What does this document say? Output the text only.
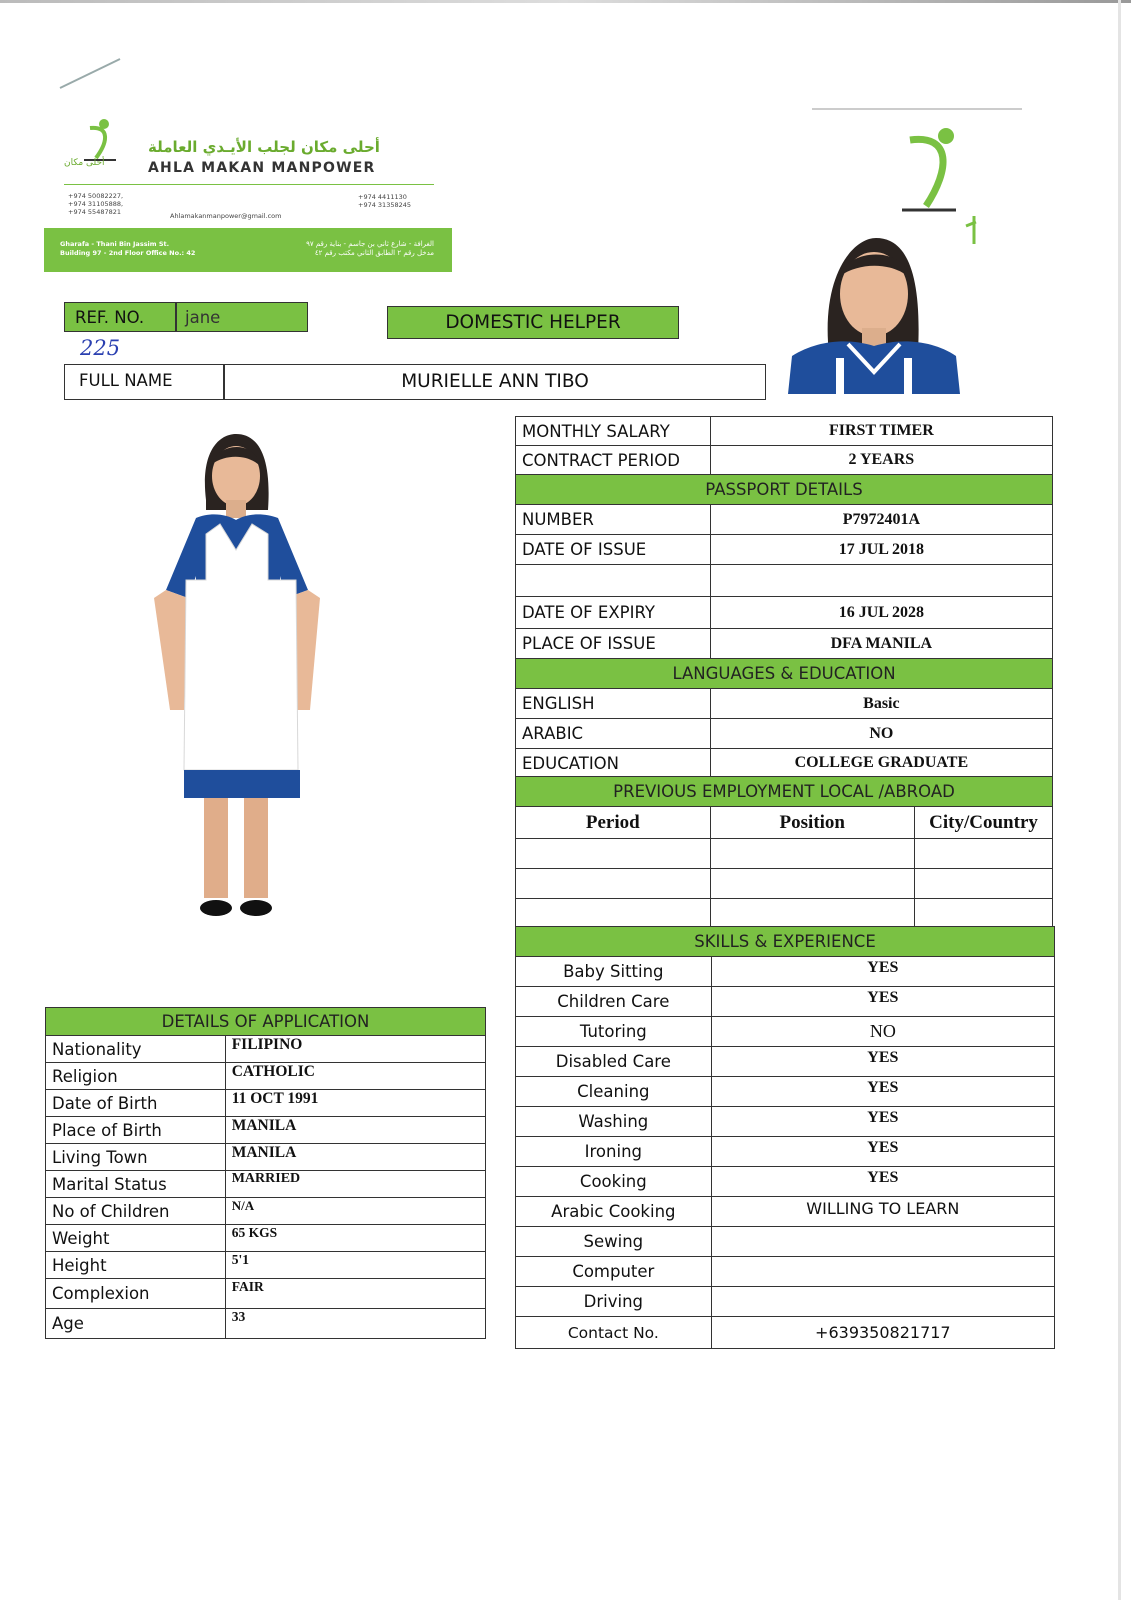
أحلى مكان
أحلى مكان لجلب الأيـدي العاملة
AHLA MAKAN MANPOWER
+974 50082227,
+974 31105888,
+974 55487821
+974 4411130
+974 31358245
Ahlamakanmanpower@gmail.com
Gharafa - Thani Bin Jassim St.
Building 97 - 2nd Floor Office No.: 42
الغرافة - شارع ثاني بن جاسم - بناية رقم ٩٧
مدخل رقم ٢ الطابق الثاني مكتب رقم ٤٢
REF. NO. jane
225
DOMESTIC HELPER
FULL NAME	MURIELLE ANN TIBO
MONTHLY SALARY	FIRST TIMER
CONTRACT PERIOD	2 YEARS
PASSPORT DETAILS	
NUMBER	P7972401A
DATE OF ISSUE	17 JUL 2018

DATE OF EXPIRY	16 JUL 2028
PLACE OF ISSUE	DFA MANILA
LANGUAGES & EDUCATION	
ENGLISH	Basic
ARABIC	NO
EDUCATION	COLLEGE GRADUATE
PREVIOUS EMPLOYMENT LOCAL /ABROAD		
Period	Position	City/Country

SKILLS & EXPERIENCE	
Baby Sitting	YES
Children Care	YES
Tutoring	NO
Disabled Care	YES
Cleaning	YES
Washing	YES
Ironing	YES
Cooking	YES
Arabic Cooking	WILLING TO LEARN
Sewing	
Computer	
Driving	
Contact No.	+639350821717
DETAILS OF APPLICATION	
Nationality	FILIPINO
Religion	CATHOLIC
Date of Birth	11 OCT 1991
Place of Birth	MANILA
Living Town	MANILA
Marital Status	MARRIED
No of Children	N/A
Weight	65 KGS
Height	5'1
Complexion	FAIR
Age	33
